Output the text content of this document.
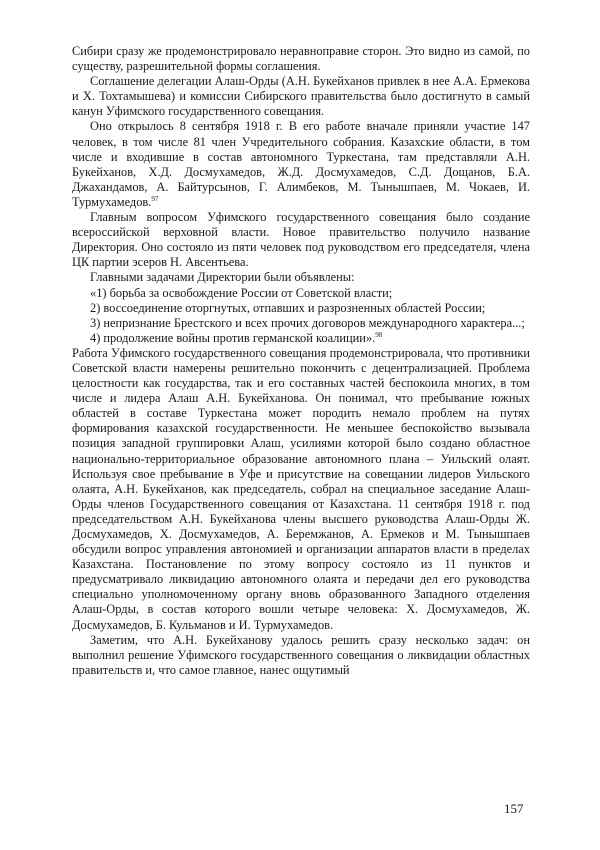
Сибири сразу же продемонстрировало неравноправие сторон. Это видно из самой, по существу, разрешительной формы соглашения.

Соглашение делегации Алаш-Орды (А.Н. Букейханов привлек в нее А.А. Ермекова и Х. Тохтамышева) и комиссии Сибирского правительства было достигнуто в самый канун Уфимского государственного совещания.

Оно открылось 8 сентября 1918 г. В его работе вначале приняли участие 147 человек, в том числе 81 член Учредительного собрания. Казахские области, в том числе и входившие в состав автономного Туркестана, там представляли А.Н. Букейханов, Х.Д. Досмухамедов, Ж.Д. Досмухамедов, С.Д. Дощанов, Б.А. Джахандамов, А. Байтурсынов, Г. Алимбеков, М. Тынышпаев, М. Чокаев, И. Турмухамедов.$^{97}$

Главным вопросом Уфимского государственного совещания было создание всероссийской верховной власти. Новое правительство получило название Директория. Оно состояло из пяти человек под руководством его председателя, члена ЦК партии эсеров Н. Авсентьева.

Главными задачами Директории были объявлены:

«1) борьба за освобождение России от Советской власти;

2) воссоединение оторгнутых, отпавших и разрозненных областей России;

3) непризнание Брестского и всех прочих договоров международного характера...;

4) продолжение войны против германской коалиции».$^{98}$

Работа Уфимского государственного совещания продемонстрировала, что противники Советской власти намерены решительно покончить с децентрализацией. Проблема целостности как государства, так и его составных частей беспокоила многих, в том числе и лидера Алаш А.Н. Букейханова. Он понимал, что пребывание южных областей в составе Туркестана может породить немало проблем на путях формирования казахской государственности. Не меньшее беспокойство вызывала позиция западной группировки Алаш, усилиями которой было создано областное национально-территориальное образование автономного плана – Уильский олаят. Используя свое пребывание в Уфе и присутствие на совещании лидеров Уильского олаята, А.Н. Букейханов, как председатель, собрал на специальное заседание Алаш-Орды членов Государственного совещания от Казахстана. 11 сентября 1918 г. под председательством А.Н. Букейханова члены высшего руководства Алаш-Орды Ж. Досмухамедов, Х. Досмухамедов, А. Беремжанов, А. Ермеков и М. Тынышпаев обсудили вопрос управления автономией и организации аппаратов власти в пределах Казахстана. Постановление по этому вопросу состояло из 11 пунктов и предусматривало ликвидацию автономного олаята и передачи дел его руководства специально уполномоченному органу вновь образованного Западного отделения Алаш-Орды, в состав которого вошли четыре человека: Х. Досмухамедов, Ж. Досмухамедов, Б. Кульманов и И. Турмухамедов.

Заметим, что А.Н. Букейханову удалось решить сразу несколько задач: он выполнил решение Уфимского государственного совещания о ликвидации областных правительств и, что самое главное, нанес ощутимый

157
